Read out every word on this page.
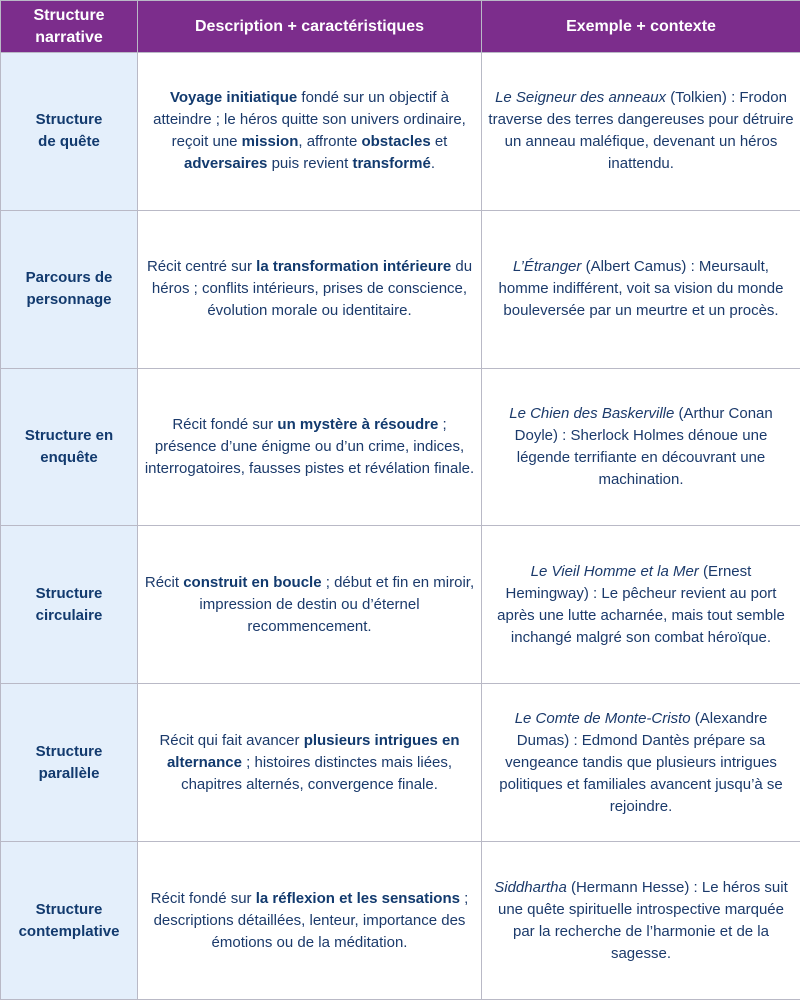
Structure narrative	Description + caractéristiques	Exemple + contexte
Structure
de quête	Voyage initiatique fondé sur un objectif à atteindre ; le héros quitte son univers ordinaire, reçoit une mission, affronte obstacles et adversaires puis revient transformé.	Le Seigneur des anneaux (Tolkien) : Frodon traverse des terres dangereuses pour détruire un anneau maléfique, devenant un héros inattendu.
Parcours de
personnage	Récit centré sur la transformation intérieure du héros ; conflits intérieurs, prises de conscience, évolution morale ou identitaire.	L’Étranger (Albert Camus) : Meursault, homme indifférent, voit sa vision du monde bouleversée par un meurtre et un procès.
Structure en
enquête	Récit fondé sur un mystère à résoudre ; présence d’une énigme ou d’un crime, indices, interrogatoires, fausses pistes et révélation finale.	Le Chien des Baskerville (Arthur Conan Doyle) : Sherlock Holmes dénoue une légende terrifiante en découvrant une machination.
Structure
circulaire	Récit construit en boucle ; début et fin en miroir, impression de destin ou d’éternel recommencement.	Le Vieil Homme et la Mer (Ernest Hemingway) : Le pêcheur revient au port après une lutte acharnée, mais tout semble inchangé malgré son combat héroïque.
Structure
parallèle	Récit qui fait avancer plusieurs intrigues en alternance ; histoires distinctes mais liées, chapitres alternés, convergence finale.	Le Comte de Monte-Cristo (Alexandre Dumas) : Edmond Dantès prépare sa vengeance tandis que plusieurs intrigues politiques et familiales avancent jusqu’à se rejoindre.
Structure
contemplative	Récit fondé sur la réflexion et les sensations ; descriptions détaillées, lenteur, importance des émotions ou de la méditation.	Siddhartha (Hermann Hesse) : Le héros suit une quête spirituelle introspective marquée par la recherche de l’harmonie et de la sagesse.
